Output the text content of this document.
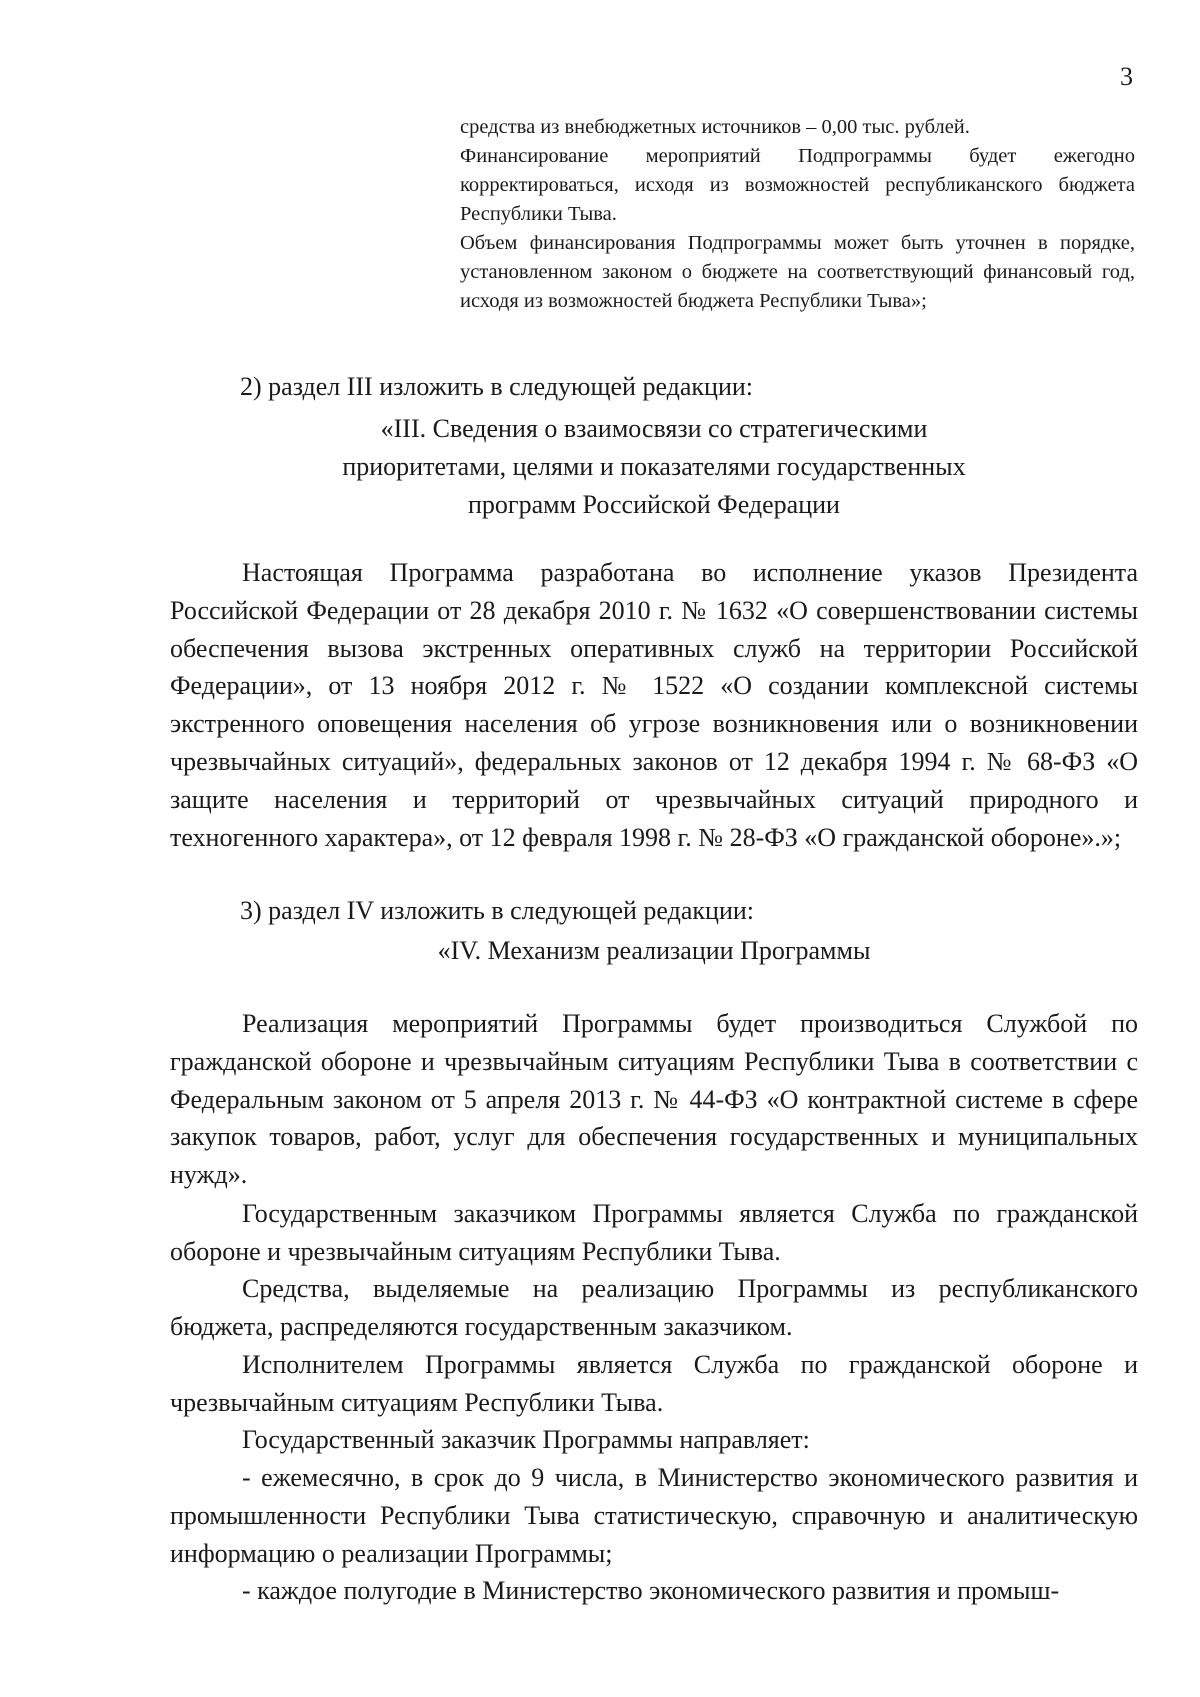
3

средства из внебюджетных источников – 0,00 тыс. рублей.

Финансирование мероприятий Подпрограммы будет ежегодно корректироваться, исходя из возможностей республиканского бюджета Республики Тыва.

Объем финансирования Подпрограммы может быть уточнен в порядке, установленном законом о бюджете на соответствующий финансовый год, исходя из возможностей бюджета Республики Тыва»;

2) раздел III изложить в следующей редакции:
«III. Сведения о взаимосвязи со стратегическими
приоритетами, целями и показателями государственных
программ Российской Федерации

Настоящая Программа разработана во исполнение указов Президента Российской Федерации от 28 декабря 2010 г. № 1632 «О совершенствовании системы обеспечения вызова экстренных оперативных служб на территории Российской Федерации», от 13 ноября 2012 г. № 1522 «О создании комплексной системы экстренного оповещения населения об угрозе возникновения или о возникновении чрезвычайных ситуаций», федеральных законов от 12 декабря 1994 г. № 68-ФЗ «О защите населения и территорий от чрезвычайных ситуаций природного и техногенного характера», от 12 февраля 1998 г. № 28-ФЗ «О гражданской обороне».»;

3) раздел IV изложить в следующей редакции:
«IV. Механизм реализации Программы

Реализация мероприятий Программы будет производиться Службой по гражданской обороне и чрезвычайным ситуациям Республики Тыва в соответствии с Федеральным законом от 5 апреля 2013 г. № 44-ФЗ «О контрактной системе в сфере закупок товаров, работ, услуг для обеспечения государственных и муниципальных нужд».

Государственным заказчиком Программы является Служба по гражданской обороне и чрезвычайным ситуациям Республики Тыва.

Средства, выделяемые на реализацию Программы из республиканского бюджета, распределяются государственным заказчиком.

Исполнителем Программы является Служба по гражданской обороне и чрезвычайным ситуациям Республики Тыва.

Государственный заказчик Программы направляет:

- ежемесячно, в срок до 9 числа, в Министерство экономического развития и промышленности Республики Тыва статистическую, справочную и аналитическую информацию о реализации Программы;

- каждое полугодие в Министерство экономического развития и промыш-
